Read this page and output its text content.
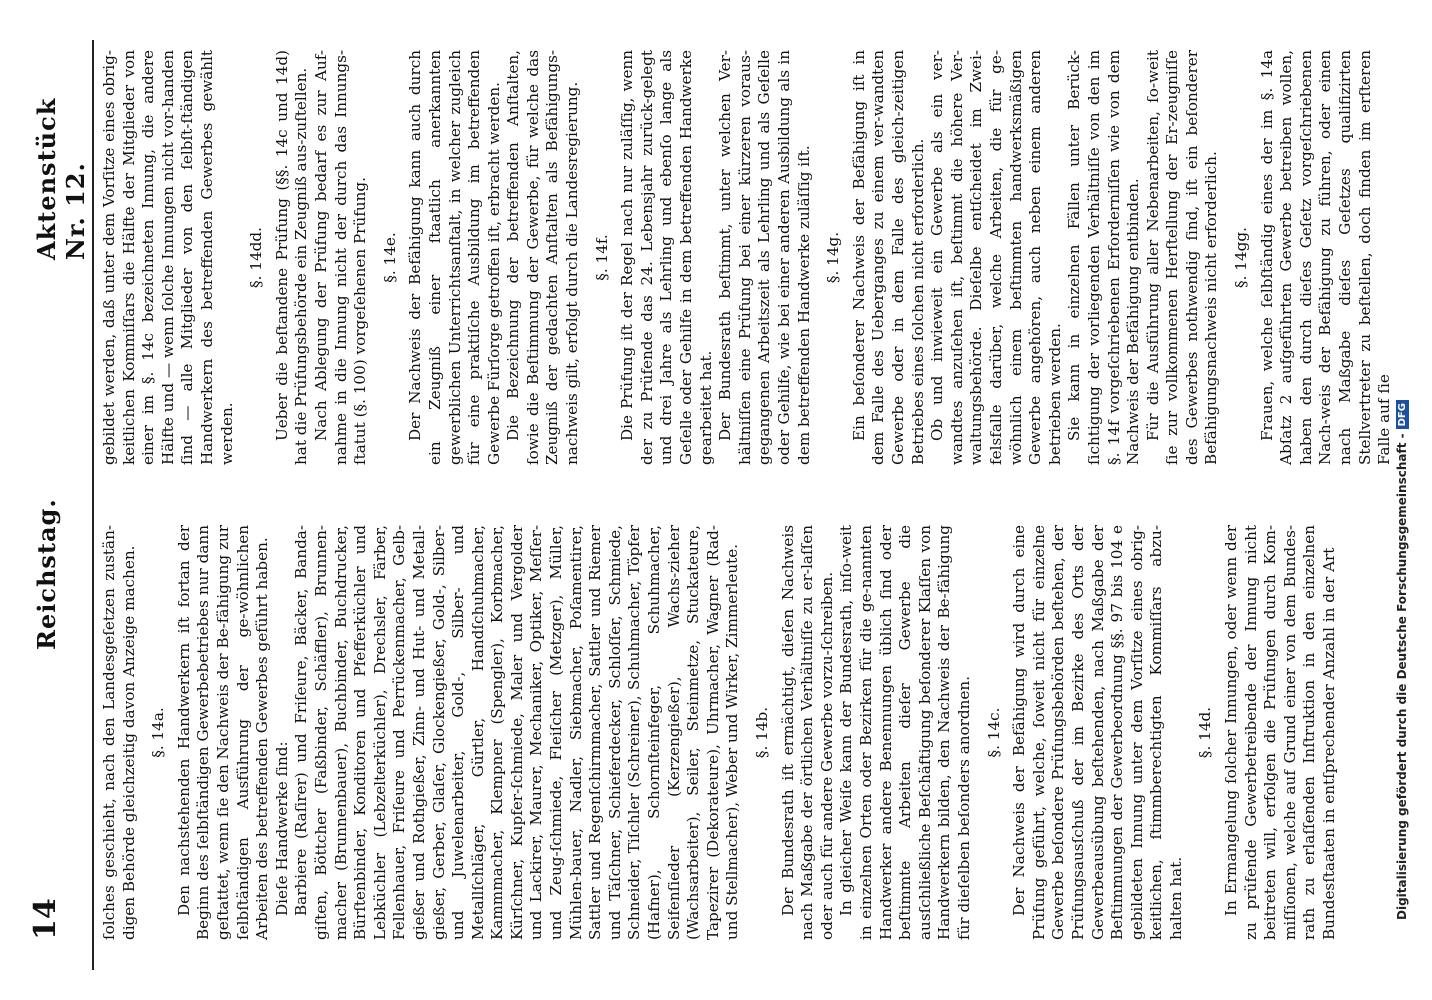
14
Reichstag.
Aktenstück Nr. 12.
ſolches geschieht, nach den Landesgeſetzen zustän-digen Behörde gleichzeitig davon Anzeige machen. §. 14a. Den nachstehenden Handwerkern iſt fortan der Beginn des ſelbſtändigen Gewerbebetriebes nur dann geſtattet, wenn ſie den Nachweis der Be-fähigung zur ſelbſtändigen Ausführung der ge-wöhnlichen Arbeiten des betreffenden Gewerbes geführt haben. Dieſe Handwerke ſind: Barbiere (Raſirer) und Friſeure, Bäcker, Banda-giſten, Böttcher (Faßbinder, Schäffler), Brunnen-macher (Brunnenbauer), Buchbinder, Buchdrucker, Bürſtenbinder, Konditoren und Pfefferküchler und Lebküchler (Lebzelterküchler), Drechsler, Färber, Fellenhauer, Friſeure und Perrückenmacher, Gelb-gießer und Rothgießer, Zinn- und Hut- und Metall-gießer, Gerber, Glaſer, Glockengießer, Gold-, Silber- und Juwelenarbeiter, Gold-, Silber- und Metallſchläger, Gürtler, Handſchuhmacher, Kammmacher, Klempner (Spengler), Korbmacher, Kürſchner, Kupfer-ſchmiede, Maler und Vergolder und Lackirer, Maurer, Mechaniker, Optiker, Meſſer- und Zeug-ſchmiede, Fleiſcher (Metzger), Müller, Mühlen-bauer, Nadler, Siebmacher, Poſamentirer, Sattler und Regenſchirmmacher, Sattler und Riemer und Täſchner, Schieferdecker, Schloſſer, Schmiede, Schneider, Tiſchler (Schreiner), Schuhmacher, Töpfer (Hafner), Schornſteinfeger, Schuhmacher, Seifenſieder (Kerzengießer), Wachs-zieher (Wachsarbeiter), Seiler, Steinmetze, Stuckateure, Tapezirer (Dekorateure), Uhrmacher, Wagner (Rad- und Stellmacher), Weber und Wirker, Zimmerleute. §. 14b. Der Bundesrath iſt ermächtigt, dieſen Nachweis nach Maßgabe der örtlichen Verhältniſſe zu er-laſſen oder auch für andere Gewerbe vorzu-ſchreiben. In gleicher Weiſe kann der Bundesrath, inſo-weit in einzelnen Orten oder Bezirken für die ge-nannten Handwerker andere Benennungen üblich ſind oder beſtimmte Arbeiten dieſer Gewerbe die ausſchließliche Beſchäftigung beſonderer Klaſſen von Handwerkern bilden, den Nachweis der Be-fähigung für dieſelben beſonders anordnen. §. 14c. Der Nachweis der Befähigung wird durch eine Prüfung geführt, welche, ſoweit nicht für einzelne Gewerbe beſondere Prüfungsbehörden beſtehen, der Prüfungsausſchuß der im Bezirke des Orts der Gewerbeausübung beſtehenden, nach Maßgabe der Beſtimmungen der Gewerbeordnung §§. 97 bis 104 e gebildeten Innung unter dem Vorſitze eines obrig-keitlichen, ſtimmberechtigten Kommiſſars abzu-halten hat.
§. 14d. In Ermangelung ſolcher Innungen, oder wenn der zu prüfende Gewerbetreibende der Innung nicht beitreten will, erfolgen die Prüfungen durch Kom-miſſionen, welche auf Grund einer von dem Bundes-rath zu erlaſſenden Inſtruktion in den einzelnen Bundesſtaaten in entſprechender Anzahl in der Art
gebildet werden, daß unter dem Vorſitze eines obrig-keitlichen Kommiſſars die Hälfte der Mitglieder von einer im §. 14c bezeichneten Innung, die andere Hälfte und — wenn ſolche Innungen nicht vor-handen ſind — alle Mitglieder von den ſelbſt-ſtändigen Handwerkern des betreffenden Gewerbes gewählt werden.
§. 14dd. Ueber die beſtandene Prüfung (§§. 14c und 14d) hat die Prüfungsbehörde ein Zeugniß aus-zuſtellen. Nach Ablegung der Prüfung bedarf es zur Auf-nahme in die Innung nicht der durch das Innungs-ſtatut (§. 100) vorgeſehenen Prüfung. §. 14e. Der Nachweis der Befähigung kann auch durch ein Zeugniß einer ſtaatlich anerkannten gewerblichen Unterrichtsanſtalt, in welcher zugleich für eine praktiſche Ausbildung im betreffenden Gewerbe Fürſorge getroffen iſt, erbracht werden. Die Bezeichnung der betreffenden Anſtalten, ſowie die Beſtimmung der Gewerbe, für welche das Zeugniß der gedachten Anſtalten als Befähigungs-nachweis gilt, erfolgt durch die Landesregierung. §. 14f. Die Prüfung iſt der Regel nach nur zuläſſig, wenn der zu Prüfende das 24. Lebensjahr zurück-gelegt und drei Jahre als Lehrling und ebenſo lange als Geſelle oder Gehilfe in dem betreffenden Handwerke gearbeitet hat. Der Bundesrath beſtimmt, unter welchen Ver-hältniſſen eine Prüfung bei einer kürzeren voraus-gegangenen Arbeitszeit als Lehrling und als Geſelle oder Gehilfe, wie bei einer anderen Ausbildung als in dem betreffenden Handwerke zuläſſig iſt. §. 14g. Ein beſonderer Nachweis der Befähigung iſt in dem Falle des Ueberganges zu einem ver-wandten Gewerbe oder in dem Falle des gleich-zeitigen Betriebes eines ſolchen nicht erforderlich. Ob und inwieweit ein Gewerbe als ein ver-wandtes anzuſehen iſt, beſtimmt die höhere Ver-waltungsbehörde. Dieſelbe entſcheidet im Zwei-felsfalle darüber, welche Arbeiten, die für ge-wöhnlich einem beſtimmten handwerksmäßigen Gewerbe angehören, auch neben einem anderen betrieben werden. Sie kann in einzelnen Fällen unter Berück-ſichtigung der vorliegenden Verhältniſſe von den im §. 14f vorgeſchriebenen Erforderniſſen wie von dem Nachweis der Befähigung entbinden. Für die Ausführung aller Nebenarbeiten, ſo-weit ſie zur vollkommenen Herſtellung der Er-zeugniſſe des Gewerbes nothwendig ſind, iſt ein beſonderer Befähigungsnachweis nicht erforderlich. §. 14gg. Frauen, welche ſelbſtändig eines der im §. 14a Abſatz 2 aufgeführten Gewerbe betreiben wollen, haben den durch dieſes Geſetz vorgeſchriebenen Nach-weis der Befähigung zu führen, oder einen nach Maßgabe dieſes Geſetzes qualifizirten Stellvertreter zu beſtellen, doch finden im erſteren Falle auf ſie
Digitalisierung gefördert durch die Deutsche Forschungsgemeinschaft -
DFG
